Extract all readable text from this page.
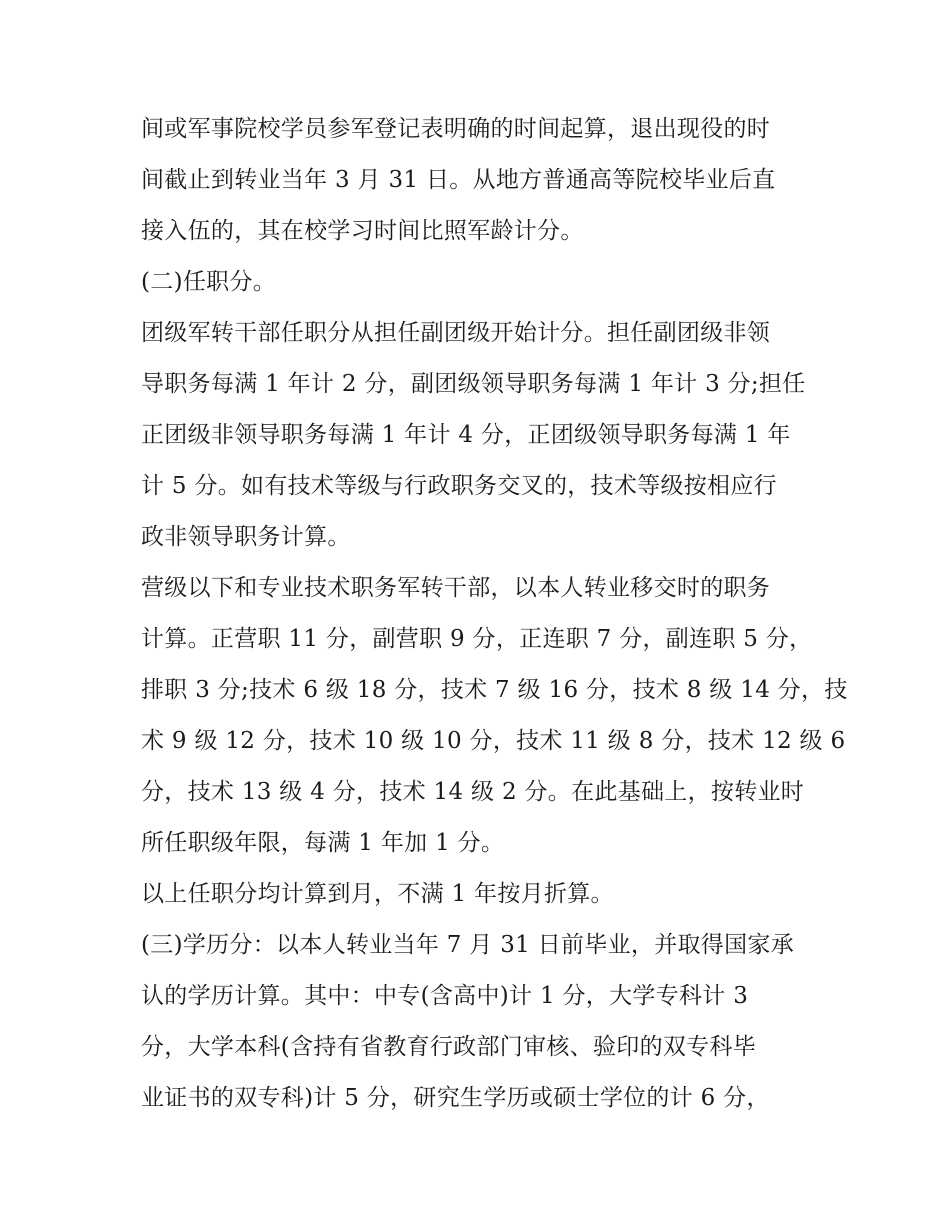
间或军事院校学员参军登记表明确的时间起算，退出现役的时
间截止到转业当年 3 月 31 日。从地方普通高等院校毕业后直
接入伍的，其在校学习时间比照军龄计分。
(二)任职分。
团级军转干部任职分从担任副团级开始计分。担任副团级非领
导职务每满 1 年计 2 分，副团级领导职务每满 1 年计 3 分;担任
正团级非领导职务每满 1 年计 4 分，正团级领导职务每满 1 年
计 5 分。如有技术等级与行政职务交叉的，技术等级按相应行
政非领导职务计算。
营级以下和专业技术职务军转干部，以本人转业移交时的职务
计算。正营职 11 分，副营职 9 分，正连职 7 分，副连职 5 分，
排职 3 分;技术 6 级 18 分，技术 7 级 16 分，技术 8 级 14 分，技
术 9 级 12 分，技术 10 级 10 分，技术 11 级 8 分，技术 12 级 6
分，技术 13 级 4 分，技术 14 级 2 分。在此基础上，按转业时
所任职级年限，每满 1 年加 1 分。
以上任职分均计算到月，不满 1 年按月折算。
(三)学历分：以本人转业当年 7 月 31 日前毕业，并取得国家承
认的学历计算。其中：中专(含高中)计 1 分，大学专科计 3
分，大学本科(含持有省教育行政部门审核、验印的双专科毕
业证书的双专科)计 5 分，研究生学历或硕士学位的计 6 分，
